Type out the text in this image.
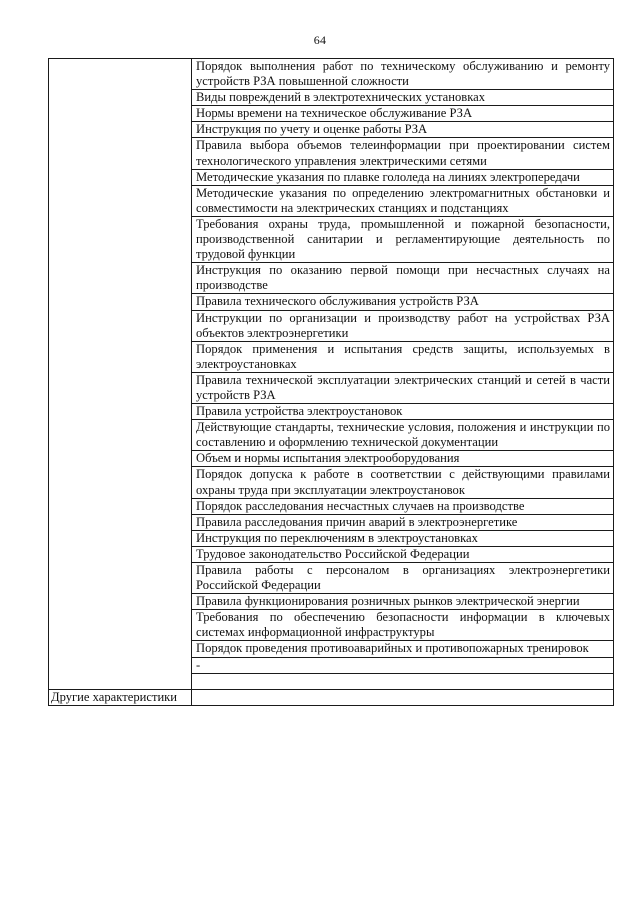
64
	Порядок выполнения работ по техническому обслуживанию и ремонту устройств РЗА повышенной сложности
	Виды повреждений в электротехнических установках
	Нормы времени на техническое обслуживание РЗА
	Инструкция по учету и оценке работы РЗА
	Правила выбора объемов телеинформации при проектировании систем технологического управления электрическими сетями
	Методические указания по плавке гололеда на линиях электропередачи
	Методические указания по определению электромагнитных обстановки и совместимости на электрических станциях и подстанциях
	Требования охраны труда, промышленной и пожарной безопасности, производственной санитарии и регламентирующие деятельность по трудовой функции
	Инструкция по оказанию первой помощи при несчастных случаях на производстве
	Правила технического обслуживания устройств РЗА
	Инструкции по организации и производству работ на устройствах РЗА объектов электроэнергетики
	Порядок применения и испытания средств защиты, используемых в электроустановках
	Правила технической эксплуатации электрических станций и сетей в части устройств РЗА
	Правила устройства электроустановок
	Действующие стандарты, технические условия, положения и инструкции по составлению и оформлению технической документации
	Объем и нормы испытания электрооборудования
	Порядок допуска к работе в соответствии с действующими правилами охраны труда при эксплуатации электроустановок
	Порядок расследования несчастных случаев на производстве
	Правила расследования причин аварий в электроэнергетике
	Инструкция по переключениям в электроустановках
	Трудовое законодательство Российской Федерации
	Правила работы с персоналом в организациях электроэнергетики Российской Федерации
	Правила функционирования розничных рынков электрической энергии
	Требования по обеспечению безопасности информации в ключевых системах информационной инфраструктуры
	Порядок проведения противоаварийных и противопожарных тренировок
	-

Другие характеристики	
